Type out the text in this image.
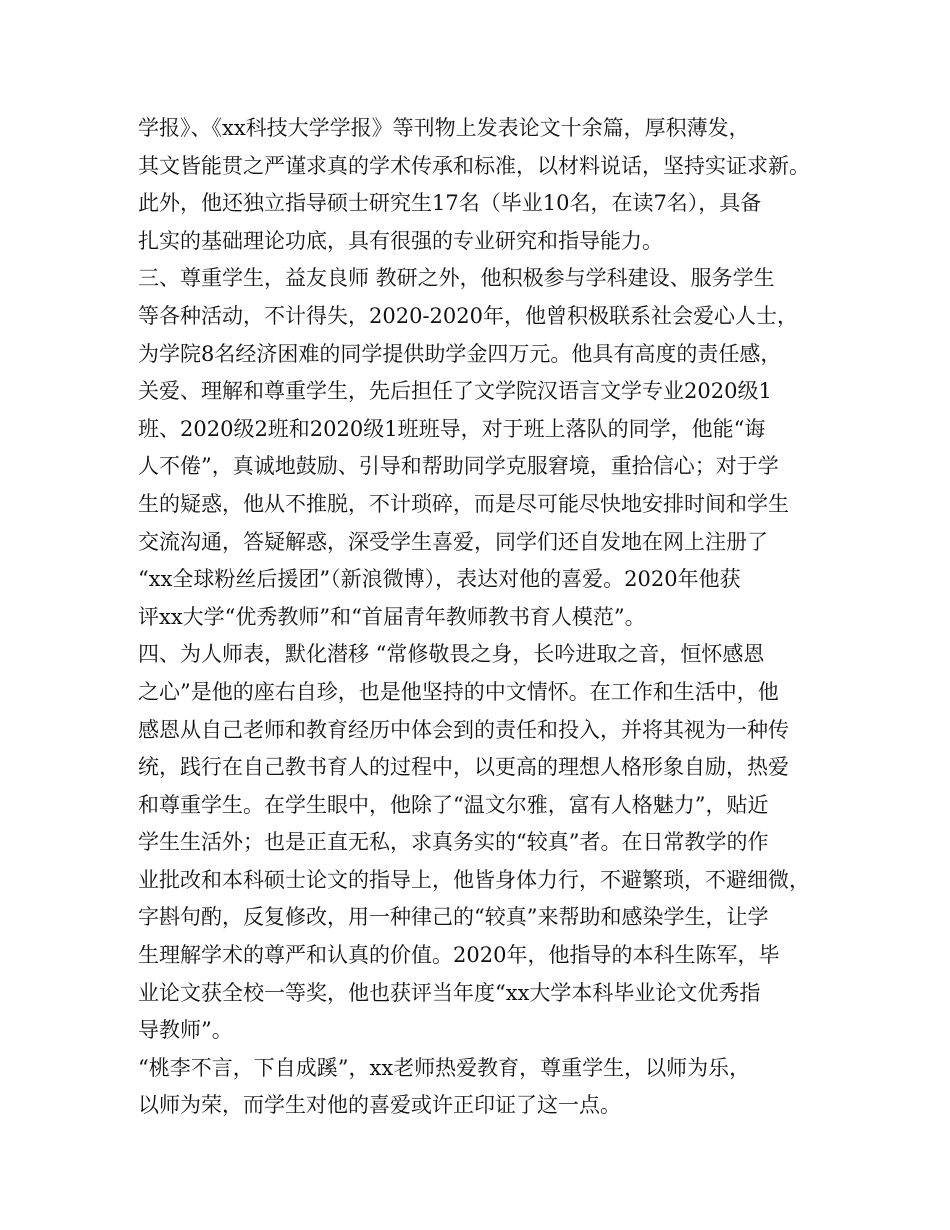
学报》、《xx科技大学学报》等刊物上发表论文十余篇，厚积薄发，
其文皆能贯之严谨求真的学术传承和标准，以材料说话，坚持实证求新。
此外，他还独立指导硕士研究生17名（毕业10名，在读7名），具备
扎实的基础理论功底，具有很强的专业研究和指导能力。
三、尊重学生，益友良师 教研之外，他积极参与学科建设、服务学生
等各种活动，不计得失，2020-2020年，他曾积极联系社会爱心人士，
为学院8名经济困难的同学提供助学金四万元。他具有高度的责任感，
关爱、理解和尊重学生，先后担任了文学院汉语言文学专业2020级1
班、2020级2班和2020级1班班导，对于班上落队的同学，他能“诲
人不倦”，真诚地鼓励、引导和帮助同学克服窘境，重拾信心；对于学
生的疑惑，他从不推脱，不计琐碎，而是尽可能尽快地安排时间和学生
交流沟通，答疑解惑，深受学生喜爱，同学们还自发地在网上注册了
“xx全球粉丝后援团”（新浪微博），表达对他的喜爱。2020年他获
评xx大学“优秀教师”和“首届青年教师教书育人模范”。
四、为人师表，默化潜移 “常修敬畏之身，长吟进取之音，恒怀感恩
之心”是他的座右自珍，也是他坚持的中文情怀。在工作和生活中，他
感恩从自己老师和教育经历中体会到的责任和投入，并将其视为一种传
统，践行在自己教书育人的过程中，以更高的理想人格形象自励，热爱
和尊重学生。在学生眼中，他除了“温文尔雅，富有人格魅力”，贴近
学生生活外；也是正直无私，求真务实的“较真”者。在日常教学的作
业批改和本科硕士论文的指导上，他皆身体力行，不避繁琐，不避细微，
字斟句酌，反复修改，用一种律己的“较真”来帮助和感染学生，让学
生理解学术的尊严和认真的价值。2020年，他指导的本科生陈军，毕
业论文获全校一等奖，他也获评当年度“xx大学本科毕业论文优秀指
导教师”。
“桃李不言，下自成蹊”，xx老师热爱教育，尊重学生，以师为乐，
以师为荣，而学生对他的喜爱或许正印证了这一点。
